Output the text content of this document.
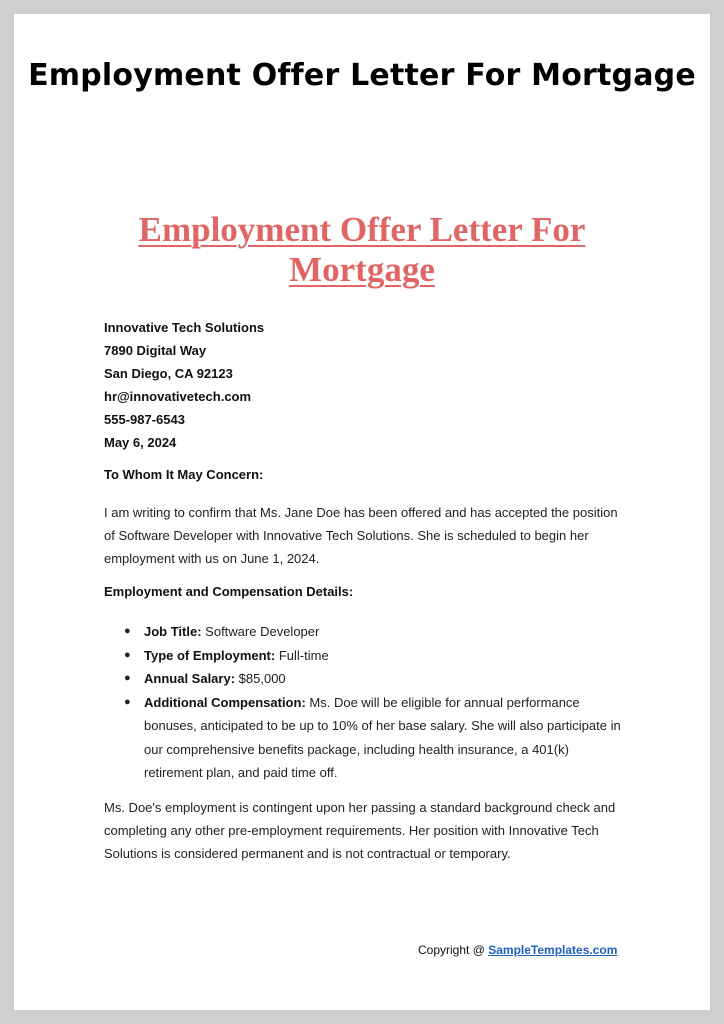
Employment Offer Letter For Mortgage
Employment Offer Letter For Mortgage
Innovative Tech Solutions
7890 Digital Way
San Diego, CA 92123
hr@innovativetech.com
555-987-6543
May 6, 2024
To Whom It May Concern:

I am writing to confirm that Ms. Jane Doe has been offered and has accepted the position of Software Developer with Innovative Tech Solutions. She is scheduled to begin her employment with us on June 1, 2024.

Employment and Compensation Details:
● Job Title: Software Developer
● Type of Employment: Full-time
● Annual Salary: $85,000
● Additional Compensation: Ms. Doe will be eligible for annual performance bonuses, anticipated to be up to 10% of her base salary. She will also participate in our comprehensive benefits package, including health insurance, a 401(k) retirement plan, and paid time off.

Ms. Doe's employment is contingent upon her passing a standard background check and completing any other pre-employment requirements. Her position with Innovative Tech Solutions is considered permanent and is not contractual or temporary.

Copyright @ SampleTemplates.com
